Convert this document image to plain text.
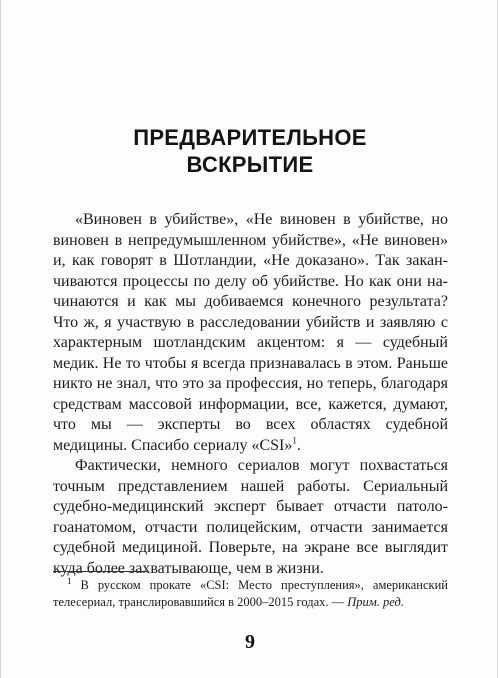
ПРЕДВАРИТЕЛЬНОЕ
ВСКРЫТИЕ

«Виновен в убийстве», «Не виновен в убийстве, но виновен в непредумышленном убийстве», «Не виновен» и, как говорят в Шотландии, «Не доказано». Так заканчиваются процессы по делу об убийстве. Но как они начинаются и как мы добиваемся конечного результата? Что ж, я участвую в расследовании убийств и заявляю с характерным шотландским акцентом: я — судебный медик. Не то чтобы я всегда признавалась в этом. Раньше никто не знал, что это за профессия, но теперь, благодаря средствам массовой информации, все, кажется, думают, что мы — эксперты во всех областях судебной медицины. Спасибо сериалу «CSI»$^1$.

Фактически, немного сериалов могут похвастаться точным представлением нашей работы. Сериальный судебно-медицинский эксперт бывает отчасти патологоанатомом, отчасти полицейским, отчасти занимается судебной медициной. Поверьте, на экране все выглядит куда более захватывающе, чем в жизни.

$^1$ В русском прокате «CSI: Место преступления», американский телесериал, транслировавшийся в 2000–2015 годах. — Прим. ред.

9
